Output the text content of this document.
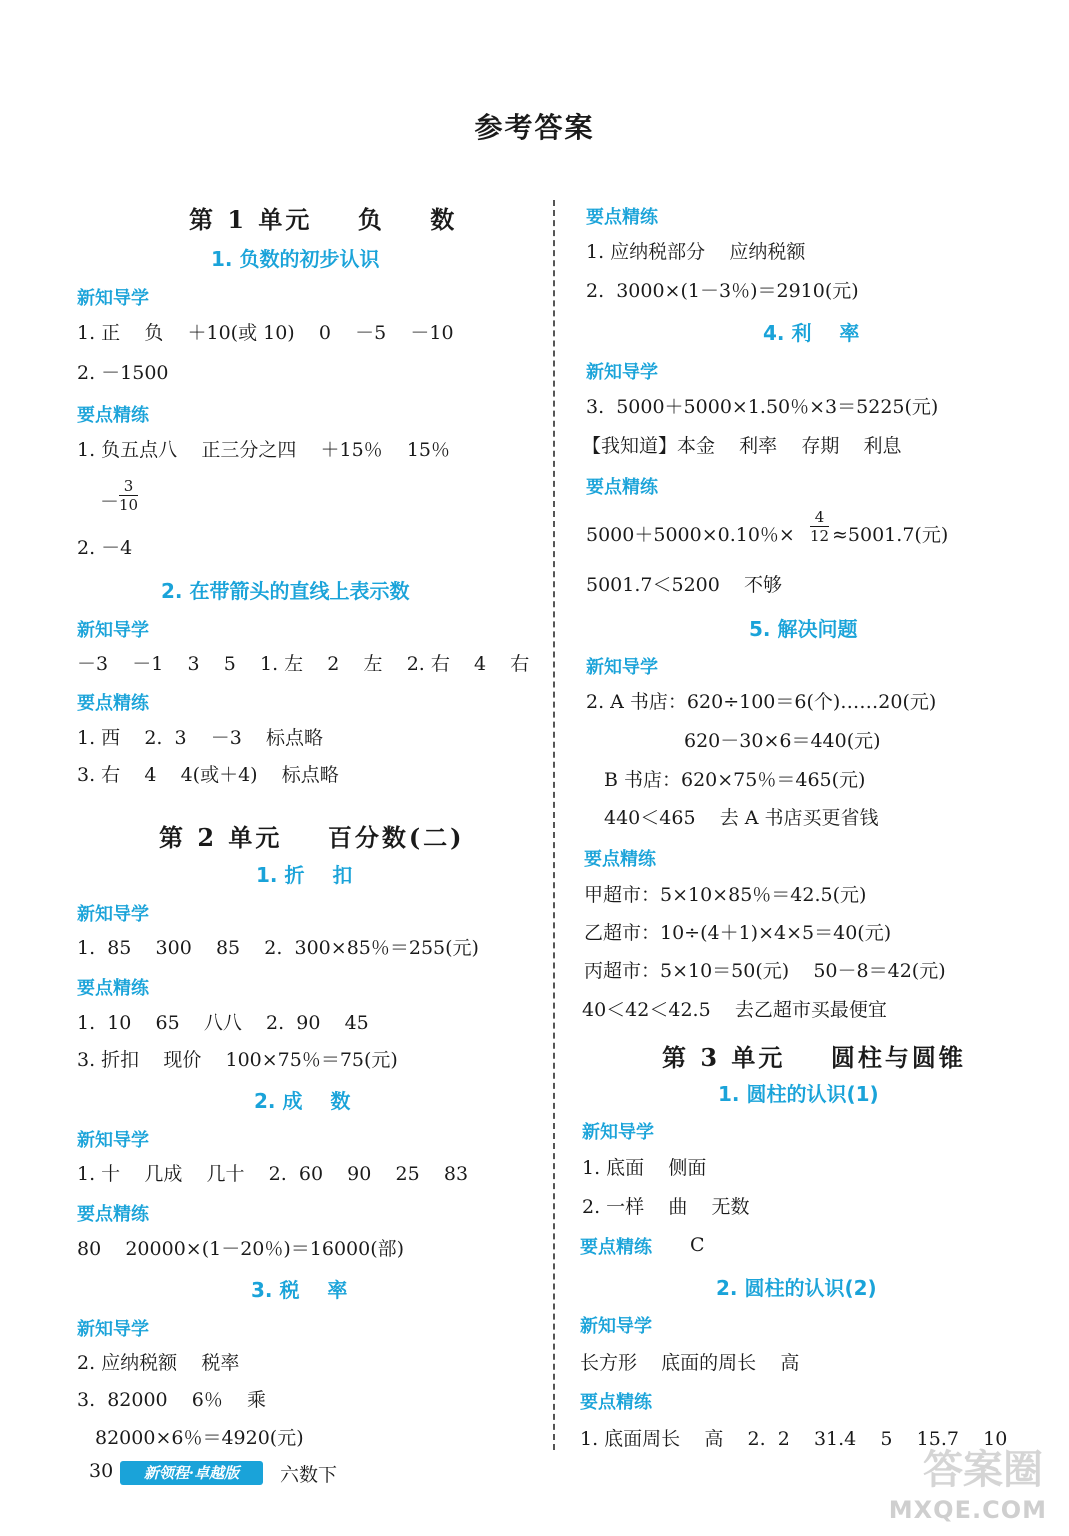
参考答案
第 1 单元    负    数
1. 负数的初步认识
新知导学
1. 正    负    ＋10(或 10)    0    －5    －10
2. －1500
要点精练
1. 负五点八    正三分之四    ＋15％    15％
－
3
10
2. －4
2. 在带箭头的直线上表示数
新知导学
－3    －1    3    5    1. 左    2    左    2. 右    4    右
要点精练
1. 西    2.  3    －3    标点略
3. 右    4    4(或＋4)    标点略
第 2 单元    百分数(二)
1. 折    扣
新知导学
1.  85    300    85    2.  300×85％＝255(元)
要点精练
1.  10    65    八八    2.  90    45
3. 折扣    现价    100×75％＝75(元)
2. 成    数
新知导学
1. 十    几成    几十    2.  60    90    25    83
要点精练
80    20000×(1－20％)＝16000(部)
3. 税    率
新知导学
2. 应纳税额    税率
3.  82000    6％    乘
82000×6％＝4920(元)
要点精练
1. 应纳税部分    应纳税额
2.  3000×(1－3％)＝2910(元)
4. 利    率
新知导学
3.  5000＋5000×1.50％×3＝5225(元)
【我知道】本金    利率    存期    利息
要点精练
5000＋5000×0.10％×
4
12 ≈5001.7(元)
5001.7＜5200    不够
5. 解决问题
新知导学
2. A 书店：620÷100＝6(个)……20(元)
620－30×6＝440(元)
B 书店：620×75％＝465(元)
440＜465    去 A 书店买更省钱
要点精练
甲超市：5×10×85％＝42.5(元)
乙超市：10÷(4＋1)×4×5＝40(元)
丙超市：5×10＝50(元)    50－8＝42(元)
40＜42＜42.5    去乙超市买最便宜
第 3 单元    圆柱与圆锥
1. 圆柱的认识(1)
新知导学
1. 底面    侧面
2. 一样    曲    无数
要点精练 C
2. 圆柱的认识(2)
新知导学
长方形    底面的周长    高
要点精练
1. 底面周长    高    2.  2    31.4    5    15.7    10
30	新领程·卓越版	六数下	答案圈
MXQE.COM
